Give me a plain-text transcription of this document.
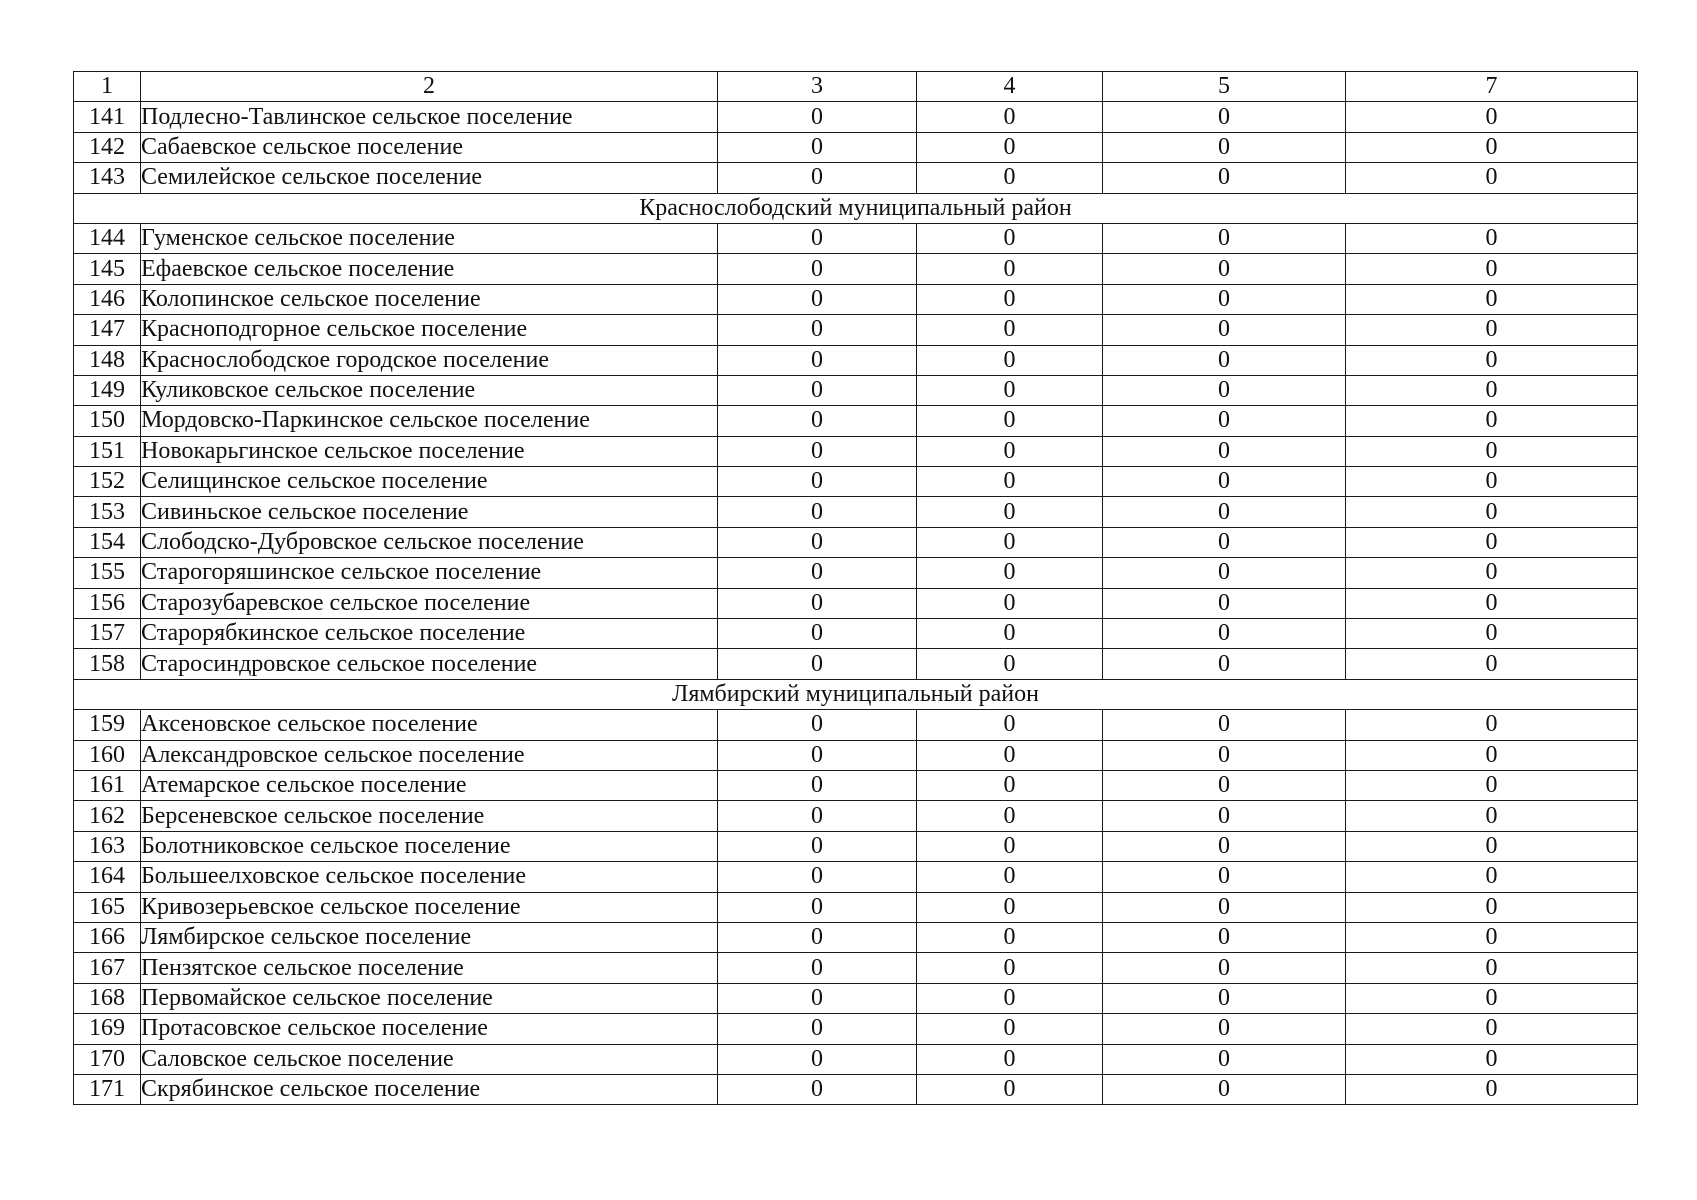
1	2	3	4	5	7
141	Подлесно-Тавлинское сельское поселение	0	0	0	0
142	Сабаевское сельское поселение	0	0	0	0
143	Семилейское сельское поселение	0	0	0	0
Краснослободский муниципальный район					
144	Гуменское сельское поселение	0	0	0	0
145	Ефаевское сельское поселение	0	0	0	0
146	Колопинское сельское поселение	0	0	0	0
147	Красноподгорное сельское поселение	0	0	0	0
148	Краснослободское городское поселение	0	0	0	0
149	Куликовское сельское поселение	0	0	0	0
150	Мордовско-Паркинское сельское поселение	0	0	0	0
151	Новокарьгинское сельское поселение	0	0	0	0
152	Селищинское сельское поселение	0	0	0	0
153	Сивиньское сельское поселение	0	0	0	0
154	Слободско-Дубровское сельское поселение	0	0	0	0
155	Старогоряшинское сельское поселение	0	0	0	0
156	Старозубаревское сельское поселение	0	0	0	0
157	Старорябкинское сельское поселение	0	0	0	0
158	Старосиндровское сельское поселение	0	0	0	0
Лямбирский муниципальный район					
159	Аксеновское сельское поселение	0	0	0	0
160	Александровское сельское поселение	0	0	0	0
161	Атемарское сельское поселение	0	0	0	0
162	Берсеневское сельское поселение	0	0	0	0
163	Болотниковское сельское поселение	0	0	0	0
164	Большеелховское сельское поселение	0	0	0	0
165	Кривозерьевское сельское поселение	0	0	0	0
166	Лямбирское сельское поселение	0	0	0	0
167	Пензятское сельское поселение	0	0	0	0
168	Первомайское сельское поселение	0	0	0	0
169	Протасовское сельское поселение	0	0	0	0
170	Саловское сельское поселение	0	0	0	0
171	Скрябинское сельское поселение	0	0	0	0
